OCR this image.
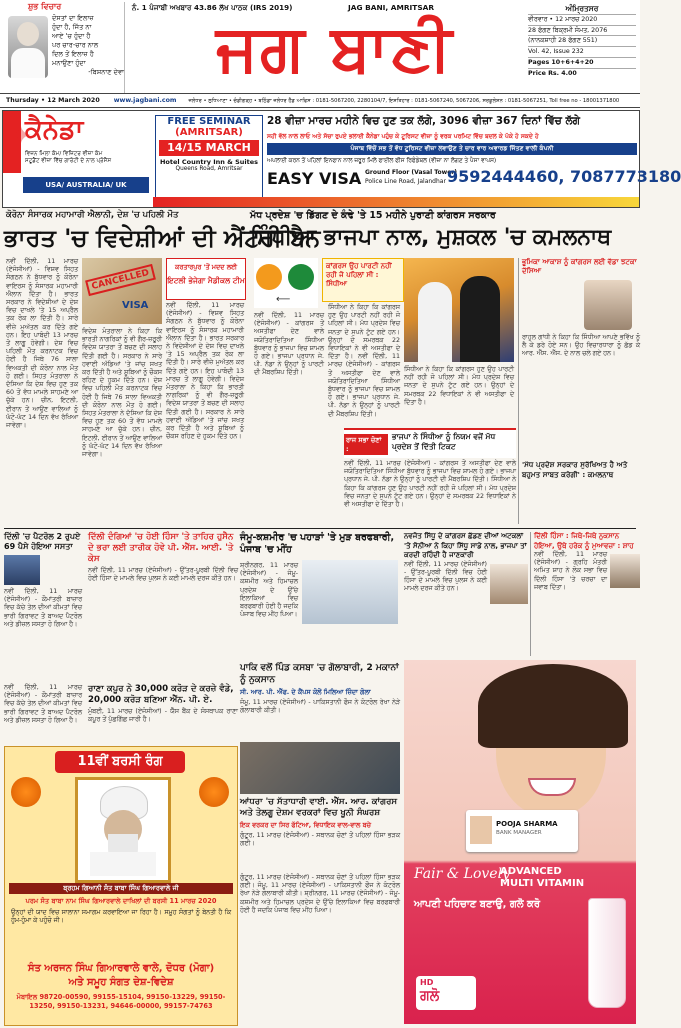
ਸ਼ੁਭ ਵਿਚਾਰ
ਦੋਸਤਾਂ ਦਾ ਇਲਾਜ਼
ਹੁੰਦਾ ਹੈ, ਜਿੱਤ ਨਾ
ਆਏ 'ਚ ਹੁੰਦਾ ਹੈ
ਪਰ ਚਾਰ-ਚਾਰ ਨਾਲ
ਦਿਲ ਤੋਂ ਇਲਾਜ਼ ਹੈ
ਮਨਾਉਣਾ ਹੁੰਦਾ
-ਬਿਸ਼ਨਾਣ ਦੇਵਾ
ਨੰ. 1 ਪੰਜਾਬੀ ਅਖਬਾਰ 43.86 ਲੱਖ ਪਾਠਕ (IRS 2019)	JAG BANI, AMRITSAR
ਜਗ ਬਾਣੀ
ਅੰਮ੍ਰਿਤਸਰ
ਵੀਰਵਾਰ • 12 ਮਾਰਚ 2020
28 ਫੱਗਣ ਬਿਕ੍ਰਮੀ ਸੰਮਤ, 2076
(ਨਾਨਕਸ਼ਾਹੀ 28 ਫੱਗਣ 551)
Vol. 42, Issue 232
Pages 10+6+4+20
Price Rs. 4.00
Thursday • 12 March 2020 www.jagbani.com ਜਲੰਧਰ • ਲੁਧਿਆਣਾ • ਚੰਡੀਗੜ੍ਹ • ਬਠਿੰਡਾ ਜਲੰਧਰ ਹੈੱਡ ਆਫਿਸ : 0181-5067200, 2280104/7, ਇਸ਼ਤਿਹਾਰ : 0181-5067240, 5067206, ਸਰਕੂਲੇਸ਼ਨ : 0181-5067251, Toll free no - 18001371800
✦
ਕੈਨੇਡਾ
ਵਿਜ਼ਨ ਮਿਲਾ ਕੰਮ/ ਵਿਜ਼ਿਟਰ ਵੀਜ਼ਾ ਕੰਮ
ਸਟੂਡੈਂਟ ਵੀਜ਼ਾ ਵਿੱਚ ਗਾਰੰਟੀ ਦੇ ਨਾਲ ਪ੍ਰੋਸੈਸ
USA/ AUSTRALIA/ UK
FREE SEMINAR
(AMRITSAR)
14/15 MARCH
Hotel Country Inn & Suites
Queens Road, Amritsar
28 ਵੀਜ਼ਾ ਮਾਰਚ ਮਹੀਨੇ ਵਿਚ ਹੁਣ ਤਕ ਲੱਗੇ, 3096 ਵੀਜ਼ਾ 367 ਦਿਨਾਂ ਵਿੱਚ ਲੱਗੇ
ਸਹੀ ਵੱਲ ਨਾਲ ਲਾਓ ਅਤੇ ਸੱਚਾ ਰੁਪਏ ਭਲਾਈ ਕੈਨੇਡਾ ਪਹੁੰਚ ਕੇ ਟੂਰਿਸਟ ਵੀਜ਼ਾ ਨੂੰ ਵਰਕ ਪਰਮਿਟ ਵਿੱਚ ਬਦਲ ਕੇ ਪੱਕੇ ਹੋ ਸਕਦੇ ਹੋ
ਪੰਜਾਬ ਵਿੱਚੋਂ ਸਭ ਤੋਂ ਵੱਧ ਟੂਰਿਸਟ ਵੀਜ਼ਾ ਲਵਾਉਣ ਤੇ ਚਾਰ ਵਾਰ ਅਵਾਰਡ ਜਿੱਤਣ ਵਾਲੀ ਕੰਪਨੀ
ਅਪਲਾਈ ਕਰਨ ਤੋਂ ਪਹਿਲਾਂ ਇਨਫਾਨ ਨਾਲ ਜ਼ਰੂਰ ਮਿਲੋ ਫਾਈਲ ਫੀਸ ਰਿਫੰਡੇਬਲ (ਵੀਜ਼ਾ ਨਾ ਲੱਗਣ ਤੇ ਪੈਸਾ ਵਾਪਸ)
EASY VISA Ground Floor (Vasal Tower)
Police Line Road, Jalandhar 9592444460, 7087773180
ਕੋਰੋਨਾ ਸੰਸਾਰਕ ਮਹਾਮਾਰੀ ਐਲਾਨੀ, ਦੇਸ਼ 'ਚ ਪਹਿਲੀ ਮੌਤ
ਭਾਰਤ 'ਚ ਵਿਦੇਸ਼ੀਆਂ ਦੀ ਐਂਟਰੀ ਬੈਨ
ਨਵੀਂ ਦਿੱਲੀ, 11 ਮਾਰਚ (ਏਜੰਸੀਆਂ) - ਵਿਸ਼ਵ ਸਿਹਤ ਸੰਗਠਨ ਨੇ ਬੁੱਧਵਾਰ ਨੂੰ ਕੋਰੋਨਾ ਵਾਇਰਸ ਨੂੰ ਸੰਸਾਰਕ ਮਹਾਮਾਰੀ ਐਲਾਨ ਦਿੱਤਾ ਹੈ। ਭਾਰਤ ਸਰਕਾਰ ਨੇ ਵਿਦੇਸ਼ੀਆਂ ਦੇ ਦੇਸ਼ ਵਿਚ ਦਾਖਲੇ 'ਤੇ 15 ਅਪ੍ਰੈਲ ਤਕ ਰੋਕ ਲਾ ਦਿੱਤੀ ਹੈ। ਸਾਰੇ ਵੀਜ਼ੇ ਮੁਅੱਤਲ ਕਰ ਦਿੱਤੇ ਗਏ ਹਨ। ਇਹ ਪਾਬੰਦੀ 13 ਮਾਰਚ ਤੋਂ ਲਾਗੂ ਹੋਵੇਗੀ। ਦੇਸ਼ ਵਿਚ ਪਹਿਲੀ ਮੌਤ ਕਰਨਾਟਕ ਵਿਚ ਹੋਈ ਹੈ ਜਿਥੇ 76 ਸਾਲਾ ਵਿਅਕਤੀ ਦੀ ਕੋਰੋਨਾ ਨਾਲ ਮੌਤ ਹੋ ਗਈ। ਸਿਹਤ ਮੰਤਰਾਲਾ ਨੇ ਦੱਸਿਆ ਕਿ ਦੇਸ਼ ਵਿਚ ਹੁਣ ਤਕ 60 ਤੋਂ ਵੱਧ ਮਾਮਲੇ ਸਾਹਮਣੇ ਆ ਚੁੱਕੇ ਹਨ। ਚੀਨ, ਇਟਲੀ, ਈਰਾਨ ਤੋਂ ਆਉਣ ਵਾਲਿਆਂ ਨੂੰ ਘੱਟੋ-ਘੱਟ 14 ਦਿਨ ਵੱਖ ਰੱਖਿਆ ਜਾਵੇਗਾ।
CANCELLED
VISA
ਵਿਦੇਸ਼ ਮੰਤਰਾਲਾ ਨੇ ਕਿਹਾ ਕਿ ਭਾਰਤੀ ਨਾਗਰਿਕਾਂ ਨੂੰ ਵੀ ਗੈਰ-ਜ਼ਰੂਰੀ ਵਿਦੇਸ਼ ਯਾਤਰਾ ਤੋਂ ਬਚਣ ਦੀ ਸਲਾਹ ਦਿੱਤੀ ਗਈ ਹੈ। ਸਰਕਾਰ ਨੇ ਸਾਰੇ ਹਵਾਈ ਅੱਡਿਆਂ 'ਤੇ ਜਾਂਚ ਸਖਤ ਕਰ ਦਿੱਤੀ ਹੈ ਅਤੇ ਸੂਬਿਆਂ ਨੂੰ ਚੌਕਸ ਰਹਿਣ ਦੇ ਹੁਕਮ ਦਿੱਤੇ ਹਨ। ਦੇਸ਼ ਵਿਚ ਪਹਿਲੀ ਮੌਤ ਕਰਨਾਟਕ ਵਿਚ ਹੋਈ ਹੈ ਜਿਥੇ 76 ਸਾਲਾ ਵਿਅਕਤੀ ਦੀ ਕੋਰੋਨਾ ਨਾਲ ਮੌਤ ਹੋ ਗਈ। ਸਿਹਤ ਮੰਤਰਾਲਾ ਨੇ ਦੱਸਿਆ ਕਿ ਦੇਸ਼ ਵਿਚ ਹੁਣ ਤਕ 60 ਤੋਂ ਵੱਧ ਮਾਮਲੇ ਸਾਹਮਣੇ ਆ ਚੁੱਕੇ ਹਨ। ਚੀਨ, ਇਟਲੀ, ਈਰਾਨ ਤੋਂ ਆਉਣ ਵਾਲਿਆਂ ਨੂੰ ਘੱਟੋ-ਘੱਟ 14 ਦਿਨ ਵੱਖ ਰੱਖਿਆ ਜਾਵੇਗਾ।
ਕਰਤਾਰਪੁਰ 'ਤੋਂ ਮਦਦ ਲਈ
ਇਟਲੀ ਭੇਜੇਗਾ ਮੈਡੀਕਲ ਟੀਮ
ਨਵੀਂ ਦਿੱਲੀ, 11 ਮਾਰਚ (ਏਜੰਸੀਆਂ) - ਵਿਸ਼ਵ ਸਿਹਤ ਸੰਗਠਨ ਨੇ ਬੁੱਧਵਾਰ ਨੂੰ ਕੋਰੋਨਾ ਵਾਇਰਸ ਨੂੰ ਸੰਸਾਰਕ ਮਹਾਮਾਰੀ ਐਲਾਨ ਦਿੱਤਾ ਹੈ। ਭਾਰਤ ਸਰਕਾਰ ਨੇ ਵਿਦੇਸ਼ੀਆਂ ਦੇ ਦੇਸ਼ ਵਿਚ ਦਾਖਲੇ 'ਤੇ 15 ਅਪ੍ਰੈਲ ਤਕ ਰੋਕ ਲਾ ਦਿੱਤੀ ਹੈ। ਸਾਰੇ ਵੀਜ਼ੇ ਮੁਅੱਤਲ ਕਰ ਦਿੱਤੇ ਗਏ ਹਨ। ਇਹ ਪਾਬੰਦੀ 13 ਮਾਰਚ ਤੋਂ ਲਾਗੂ ਹੋਵੇਗੀ। ਵਿਦੇਸ਼ ਮੰਤਰਾਲਾ ਨੇ ਕਿਹਾ ਕਿ ਭਾਰਤੀ ਨਾਗਰਿਕਾਂ ਨੂੰ ਵੀ ਗੈਰ-ਜ਼ਰੂਰੀ ਵਿਦੇਸ਼ ਯਾਤਰਾ ਤੋਂ ਬਚਣ ਦੀ ਸਲਾਹ ਦਿੱਤੀ ਗਈ ਹੈ। ਸਰਕਾਰ ਨੇ ਸਾਰੇ ਹਵਾਈ ਅੱਡਿਆਂ 'ਤੇ ਜਾਂਚ ਸਖਤ ਕਰ ਦਿੱਤੀ ਹੈ ਅਤੇ ਸੂਬਿਆਂ ਨੂੰ ਚੌਕਸ ਰਹਿਣ ਦੇ ਹੁਕਮ ਦਿੱਤੇ ਹਨ।
ਮੱਧ ਪ੍ਰਦੇਸ਼ 'ਚ ਡਿੱਗਣ ਦੇ ਕੰਢੇ 'ਤੇ 15 ਮਹੀਨੇ ਪੁਰਾਣੀ ਕਾਂਗਰਸ ਸਰਕਾਰ
ਸਿੰਧੀਆ ਭਾਜਪਾ ਨਾਲ, ਮੁਸ਼ਕਲ 'ਚ ਕਮਲਨਾਥ
⟵
ਕਾਂਗਰਸ ਉਹ ਪਾਰਟੀ ਨਹੀਂ ਰਹੀ ਜੋ ਪਹਿਲਾਂ ਸੀ : ਸਿੰਧੀਆ
ਨਵੀਂ ਦਿੱਲੀ, 11 ਮਾਰਚ (ਏਜੰਸੀਆਂ) - ਕਾਂਗਰਸ ਤੋਂ ਅਸਤੀਫਾ ਦੇਣ ਵਾਲੇ ਜਯੋਤਿਰਾਦਿਤਿਆ ਸਿੰਧੀਆ ਬੁੱਧਵਾਰ ਨੂੰ ਭਾਜਪਾ ਵਿਚ ਸ਼ਾਮਲ ਹੋ ਗਏ। ਭਾਜਪਾ ਪ੍ਰਧਾਨ ਜੇ. ਪੀ. ਨੱਡਾ ਨੇ ਉਨ੍ਹਾਂ ਨੂੰ ਪਾਰਟੀ ਦੀ ਮੈਂਬਰਸ਼ਿਪ ਦਿੱਤੀ।
ਸਿੰਧੀਆ ਨੇ ਕਿਹਾ ਕਿ ਕਾਂਗਰਸ ਹੁਣ ਉਹ ਪਾਰਟੀ ਨਹੀਂ ਰਹੀ ਜੋ ਪਹਿਲਾਂ ਸੀ। ਮੱਧ ਪ੍ਰਦੇਸ਼ ਵਿਚ ਜਨਤਾ ਦੇ ਸੁਪਨੇ ਟੁੱਟ ਗਏ ਹਨ। ਉਨ੍ਹਾਂ ਦੇ ਸਮਰਥਕ 22 ਵਿਧਾਇਕਾਂ ਨੇ ਵੀ ਅਸਤੀਫਾ ਦੇ ਦਿੱਤਾ ਹੈ। ਨਵੀਂ ਦਿੱਲੀ, 11 ਮਾਰਚ (ਏਜੰਸੀਆਂ) - ਕਾਂਗਰਸ ਤੋਂ ਅਸਤੀਫਾ ਦੇਣ ਵਾਲੇ ਜਯੋਤਿਰਾਦਿਤਿਆ ਸਿੰਧੀਆ ਬੁੱਧਵਾਰ ਨੂੰ ਭਾਜਪਾ ਵਿਚ ਸ਼ਾਮਲ ਹੋ ਗਏ। ਭਾਜਪਾ ਪ੍ਰਧਾਨ ਜੇ. ਪੀ. ਨੱਡਾ ਨੇ ਉਨ੍ਹਾਂ ਨੂੰ ਪਾਰਟੀ ਦੀ ਮੈਂਬਰਸ਼ਿਪ ਦਿੱਤੀ।
ਸਿੰਧੀਆ ਨੇ ਕਿਹਾ ਕਿ ਕਾਂਗਰਸ ਹੁਣ ਉਹ ਪਾਰਟੀ ਨਹੀਂ ਰਹੀ ਜੋ ਪਹਿਲਾਂ ਸੀ। ਮੱਧ ਪ੍ਰਦੇਸ਼ ਵਿਚ ਜਨਤਾ ਦੇ ਸੁਪਨੇ ਟੁੱਟ ਗਏ ਹਨ। ਉਨ੍ਹਾਂ ਦੇ ਸਮਰਥਕ 22 ਵਿਧਾਇਕਾਂ ਨੇ ਵੀ ਅਸਤੀਫਾ ਦੇ ਦਿੱਤਾ ਹੈ।
ਰਾਜ ਸਭਾ ਚੋਣਾਂ :
ਭਾਜਪਾ ਨੇ ਸਿੰਧੀਆ ਨੂੰ ਨਿਯਮ ਵਜੋਂ ਮੱਧ ਪ੍ਰਦੇਸ਼ ਤੋਂ ਦਿੱਤੀ ਟਿਕਟ
ਨਵੀਂ ਦਿੱਲੀ, 11 ਮਾਰਚ (ਏਜੰਸੀਆਂ) - ਕਾਂਗਰਸ ਤੋਂ ਅਸਤੀਫਾ ਦੇਣ ਵਾਲੇ ਜਯੋਤਿਰਾਦਿਤਿਆ ਸਿੰਧੀਆ ਬੁੱਧਵਾਰ ਨੂੰ ਭਾਜਪਾ ਵਿਚ ਸ਼ਾਮਲ ਹੋ ਗਏ। ਭਾਜਪਾ ਪ੍ਰਧਾਨ ਜੇ. ਪੀ. ਨੱਡਾ ਨੇ ਉਨ੍ਹਾਂ ਨੂੰ ਪਾਰਟੀ ਦੀ ਮੈਂਬਰਸ਼ਿਪ ਦਿੱਤੀ। ਸਿੰਧੀਆ ਨੇ ਕਿਹਾ ਕਿ ਕਾਂਗਰਸ ਹੁਣ ਉਹ ਪਾਰਟੀ ਨਹੀਂ ਰਹੀ ਜੋ ਪਹਿਲਾਂ ਸੀ। ਮੱਧ ਪ੍ਰਦੇਸ਼ ਵਿਚ ਜਨਤਾ ਦੇ ਸੁਪਨੇ ਟੁੱਟ ਗਏ ਹਨ। ਉਨ੍ਹਾਂ ਦੇ ਸਮਰਥਕ 22 ਵਿਧਾਇਕਾਂ ਨੇ ਵੀ ਅਸਤੀਫਾ ਦੇ ਦਿੱਤਾ ਹੈ।
ਭੂਮਿਕਾ ਆਕਾਸ਼ ਨੂੰ ਕਾਂਗਰਸ ਲਈ ਵੱਡਾ ਝਟਕਾ ਦੱਸਿਆ
ਰਾਹੁਲ ਗਾਂਧੀ ਨੇ ਕਿਹਾ ਕਿ ਸਿੰਧੀਆ ਆਪਣੇ ਭਵਿੱਖ ਨੂੰ ਲੈ ਕੇ ਡਰੇ ਹੋਏ ਸਨ। ਉਹ ਵਿਚਾਰਧਾਰਾ ਨੂੰ ਛੱਡ ਕੇ ਆਰ. ਐੱਸ. ਐੱਸ. ਦੇ ਨਾਲ ਚਲੇ ਗਏ ਹਨ।
'ਮੱਧ ਪ੍ਰਦੇਸ਼ ਸਰਕਾਰ ਸੁਰੱਖਿਅਤ ਹੈ ਅਤੇ ਬਹੁਮਤ ਸਾਬਤ ਕਰੇਗੀ' : ਕਮਲਨਾਥ
ਦਿੱਲੀ 'ਚ ਪੈਟਰੋਲ 2 ਰੁਪਏ 69 ਪੈਸੇ ਹੋਇਆ ਸਸਤਾ
ਨਵੀਂ ਦਿੱਲੀ, 11 ਮਾਰਚ (ਏਜੰਸੀਆਂ) - ਕੌਮਾਂਤਰੀ ਬਾਜ਼ਾਰ ਵਿਚ ਕੱਚੇ ਤੇਲ ਦੀਆਂ ਕੀਮਤਾਂ ਵਿਚ ਭਾਰੀ ਗਿਰਾਵਟ ਤੋਂ ਬਾਅਦ ਪੈਟਰੋਲ ਅਤੇ ਡੀਜ਼ਲ ਸਸਤਾ ਹੋ ਗਿਆ ਹੈ।
ਦਿੱਲੀ ਦੰਗਿਆਂ 'ਚ ਹੋਈ ਹਿੰਸਾ 'ਤੇ ਤਾਹਿਰ ਹੁਸੈਨ ਦੇ ਭਰਾ ਲਈ ਤਾਰੀਕ ਹੋਵੇ ਪੀ. ਐੱਸ. ਆਈ. 'ਤੇ ਕੇਸ
ਨਵੀਂ ਦਿੱਲੀ, 11 ਮਾਰਚ (ਏਜੰਸੀਆਂ) - ਉੱਤਰ-ਪੂਰਬੀ ਦਿੱਲੀ ਵਿਚ ਹੋਈ ਹਿੰਸਾ ਦੇ ਮਾਮਲੇ ਵਿਚ ਪੁਲਸ ਨੇ ਕਈ ਮਾਮਲੇ ਦਰਜ ਕੀਤੇ ਹਨ।
ਰਾਣਾ ਕਪੂਰ ਨੇ 30,000 ਕਰੋੜ ਦੇ ਕਰਜ਼ੇ ਵੰਡੇ, 20,000 ਕਰੋੜ ਬਣਿਆ ਐੱਨ. ਪੀ. ਏ.
ਮੁੰਬਈ, 11 ਮਾਰਚ (ਏਜੰਸੀਆਂ) - ਯੈੱਸ ਬੈਂਕ ਦੇ ਸੰਸਥਾਪਕ ਰਾਣਾ ਕਪੂਰ ਤੋਂ ਪੁੱਛਗਿੱਛ ਜਾਰੀ ਹੈ।
ਨਵੀਂ ਦਿੱਲੀ, 11 ਮਾਰਚ (ਏਜੰਸੀਆਂ) - ਕੌਮਾਂਤਰੀ ਬਾਜ਼ਾਰ ਵਿਚ ਕੱਚੇ ਤੇਲ ਦੀਆਂ ਕੀਮਤਾਂ ਵਿਚ ਭਾਰੀ ਗਿਰਾਵਟ ਤੋਂ ਬਾਅਦ ਪੈਟਰੋਲ ਅਤੇ ਡੀਜ਼ਲ ਸਸਤਾ ਹੋ ਗਿਆ ਹੈ।
ਜੰਮੂ-ਕਸ਼ਮੀਰ 'ਚ ਪਹਾੜਾਂ 'ਤੇ ਮੁੜ ਬਰਫਬਾਰੀ, ਪੰਜਾਬ 'ਚ ਮੀਂਹ
ਸ਼੍ਰੀਨਗਰ, 11 ਮਾਰਚ (ਏਜੰਸੀਆਂ) - ਜੰਮੂ-ਕਸ਼ਮੀਰ ਅਤੇ ਹਿਮਾਚਲ ਪ੍ਰਦੇਸ਼ ਦੇ ਉੱਚੇ ਇਲਾਕਿਆਂ ਵਿਚ ਬਰਫਬਾਰੀ ਹੋਈ ਹੈ ਜਦਕਿ ਪੰਜਾਬ ਵਿਚ ਮੀਂਹ ਪਿਆ।
ਪਾਕਿ ਵਲੋਂ ਪਿੰਡ ਕਸਬਾ 'ਚ ਗੋਲਾਬਾਰੀ, 2 ਮਕਾਨਾਂ ਨੂੰ ਨੁਕਸਾਨ
ਸੀ. ਆਰ. ਪੀ. ਐੱਫ. ਦੇ ਕੈਂਪਸ ਕੋਲੋਂ ਮਿਲਿਆ ਜ਼ਿੰਦਾ ਗੋਲਾ
ਜੰਮੂ, 11 ਮਾਰਚ (ਏਜੰਸੀਆਂ) - ਪਾਕਿਸਤਾਨੀ ਫੌਜ ਨੇ ਕੰਟਰੋਲ ਰੇਖਾ ਨੇੜੇ ਗੋਲਾਬਾਰੀ ਕੀਤੀ।
ਆਂਧਰਾ 'ਚ ਸੱਤਾਧਾਰੀ ਵਾਈ. ਐੱਸ. ਆਰ. ਕਾਂਗਰਸ ਅਤੇ ਤੇਲਗੂ ਦੇਸ਼ਮ ਵਰਕਰਾਂ ਵਿਚ ਖੂਨੀ ਸੰਘਰਸ਼
ਇਕ ਵਰਕਰ ਦਾ ਸਿਰ ਫੱਟਿਆ, ਵਿਧਾਇਕ ਵਾਲ-ਵਾਲ ਬਚੇ
ਗੁੰਟੂਰ, 11 ਮਾਰਚ (ਏਜੰਸੀਆਂ) - ਸਥਾਨਕ ਚੋਣਾਂ ਤੋਂ ਪਹਿਲਾਂ ਹਿੰਸਾ ਭੜਕ ਗਈ।
ਨਵਜੋਤ ਸਿੱਧੂ ਦੇ ਕਾਂਗਰਸ ਛੱਡਣ ਦੀਆਂ ਅਟਕਲਾਂ 'ਤੇ ਸੋਨੀਆ ਨੇ ਕਿਹਾ ਸਿੱਧੂ ਸਾਡੇ ਨਾਲ, ਭਾਜਪਾ ਤਾਂ ਕਰਦੀ ਰਹਿੰਦੀ ਹੈ ਜਾਣਕਾਰੀ
ਨਵੀਂ ਦਿੱਲੀ, 11 ਮਾਰਚ (ਏਜੰਸੀਆਂ) - ਉੱਤਰ-ਪੂਰਬੀ ਦਿੱਲੀ ਵਿਚ ਹੋਈ ਹਿੰਸਾ ਦੇ ਮਾਮਲੇ ਵਿਚ ਪੁਲਸ ਨੇ ਕਈ ਮਾਮਲੇ ਦਰਜ ਕੀਤੇ ਹਨ।
ਦਿੱਲੀ ਹਿੰਸਾ : ਜਿਥੇ-ਜਿਥੇ ਨੁਕਸਾਨ ਹੋਇਆ, ਉਥੇ ਹਰੇਕ ਨੂੰ ਮੁਆਵਜ਼ਾ : ਸ਼ਾਹ
ਨਵੀਂ ਦਿੱਲੀ, 11 ਮਾਰਚ (ਏਜੰਸੀਆਂ) - ਗ੍ਰਹਿ ਮੰਤਰੀ ਅਮਿਤ ਸ਼ਾਹ ਨੇ ਲੋਕ ਸਭਾ ਵਿਚ ਦਿੱਲੀ ਹਿੰਸਾ 'ਤੇ ਚਰਚਾ ਦਾ ਜਵਾਬ ਦਿੱਤਾ।
11ਵੀਂ ਬਰਸੀ ਰੰਗ
ਬ੍ਰਹਮ ਗਿਆਨੀ ਸੰਤ ਬਾਬਾ ਸਿੰਘ ਗਿਆਰਵਾਲੇ ਜੀ
ਪਰਮ ਸੰਤ ਬਾਬਾ ਨਾਮ ਸਿੰਘ ਗਿਆਰਵਾਲੇ ਦਾਖਿਲਾਂ ਦੀ ਬਰਸੀ 11 ਮਾਰਚ 2020
ਉਨ੍ਹਾਂ ਦੀ ਯਾਦ ਵਿਚ ਸਾਲਾਨਾ ਸਮਾਗਮ ਕਰਵਾਇਆ ਜਾ ਰਿਹਾ ਹੈ। ਸਮੂਹ ਸੰਗਤਾਂ ਨੂੰ ਬੇਨਤੀ ਹੈ ਕਿ ਹੁੰਮ-ਹੁੰਮਾ ਕੇ ਪਹੁੰਚੋ ਜੀ।
ਸੰਤ ਅਰਜਨ ਸਿੰਘ ਗਿਆਰਵਾਲੇ ਵਾਲੇ, ਦੋਧਰ (ਮੋਗਾ)
ਅਤੇ ਸਮੂਹ ਸੰਗਤ ਦੇਸ਼-ਵਿਦੇਸ਼
ਮੋਬਾਇਲ 98720-00590, 99155-15104, 99150-13229, 99150-13250, 99150-13231, 94646-00000, 99157-74763
POOJA SHARMA
BANK MANAGER
Fair & Lovely
ADVANCED
MULTI VITAMIN
ਆਪਣੀ ਪਹਿਚਾਣ ਬਣਾਉ, ਗਲੋ ਕਰੋ
HD
ਗਲੋ
ਗੁੰਟੂਰ, 11 ਮਾਰਚ (ਏਜੰਸੀਆਂ) - ਸਥਾਨਕ ਚੋਣਾਂ ਤੋਂ ਪਹਿਲਾਂ ਹਿੰਸਾ ਭੜਕ ਗਈ। ਜੰਮੂ, 11 ਮਾਰਚ (ਏਜੰਸੀਆਂ) - ਪਾਕਿਸਤਾਨੀ ਫੌਜ ਨੇ ਕੰਟਰੋਲ ਰੇਖਾ ਨੇੜੇ ਗੋਲਾਬਾਰੀ ਕੀਤੀ। ਸ਼੍ਰੀਨਗਰ, 11 ਮਾਰਚ (ਏਜੰਸੀਆਂ) - ਜੰਮੂ-ਕਸ਼ਮੀਰ ਅਤੇ ਹਿਮਾਚਲ ਪ੍ਰਦੇਸ਼ ਦੇ ਉੱਚੇ ਇਲਾਕਿਆਂ ਵਿਚ ਬਰਫਬਾਰੀ ਹੋਈ ਹੈ ਜਦਕਿ ਪੰਜਾਬ ਵਿਚ ਮੀਂਹ ਪਿਆ।
